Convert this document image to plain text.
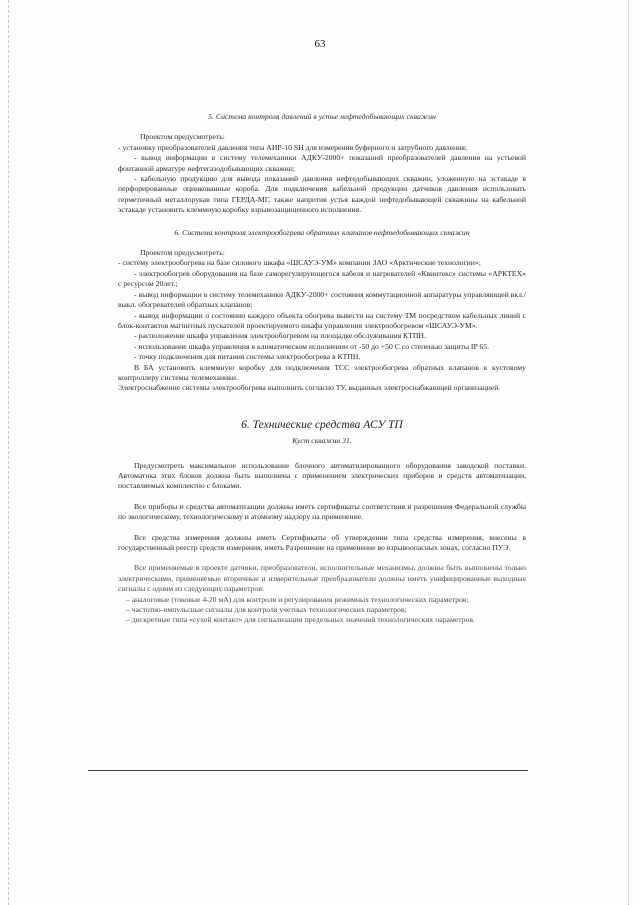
63

5. Система контроля давлений в устье нефтедобывающих скважин

Проектом предусмотреть:

- установку преобразователей давления типа АИР-10 SH для измерения буферного и затрубного давления;

- вывод информации в систему телемеханики АДКУ-2000+ показаний преобразователей давления на устьевой фонтанной арматуре нефтегазодобывающих скважин;

- кабельную продукцию для вывода показаний давления нефтедобывающих скважин, уложенную на эстакаде в перфорированные оцинкованные короба. Для подключения кабельной продукции датчиков давления использовать герметичный металлорукав типа ГЕРДА-МГ, также напротив устья каждой нефтедобывающей скважины на кабельной эстакаде установить клеммную коробку взрывозащищенного исполнения.

6. Система контроля электрообогрева обратных клапанов нефтедобывающих скважин

Проектом предусмотреть:

- систему электрообогрева на базе силового шкафа «ШСАУЭ-УМ» компании ЗАО «Арктические технологии»;

- электрообогрев оборудования на базе саморегулирующегося кабеля и нагревателей «Квинтекс» системы «АРКТЕХ» с ресурсом 20лет.;

- вывод информации в систему телемеханики АДКУ-2000+ состояния коммутационной аппаратуры управляющей вкл./выкл. обогревателей обратных клапанов;

- вывод информации о состоянии каждого объекта обогрева вывести на систему ТМ посредством кабельных линий с блок-контактов магнитных пускателей проектируемого шкафа управления электрообогревом «ШСАУЭ-УМ».

- расположение шкафа управления электрообогревом на площадке обслуживания КТПН.

- использование шкафа управления в климатическом исполнении от -50 до +50 С со степенью защиты IP 65.

- точку подключения для питания системы электрообогрева в КТПН.

В БА установить клеммную коробку для подключения ТСС электрообогрева обратных клапанов к кустовому контроллеру системы телемеханики.

Электроснабжение системы электрообогрева выполнить согласно ТУ, выданных электроснабжающей организацией.

6. Технические средства АСУ ТП
Куст скважин 31.

Предусмотреть максимальное использование блочного автоматизированного оборудования заводской поставки. Автоматика этих блоков должна быть выполнена с применением электрических приборов и средств автоматизации, поставляемых комплектно с блоками.

Все приборы и средства автоматизации должны иметь сертификаты соответствия и разрешения Федеральной службы по экологическому, технологическому и атомному надзору на применение.

Все средства измерения должны иметь Сертификаты об утверждении типа средства измерения, внесены в государственный реестр средств измерения, иметь Разрешение на применение во взрывоопасных зонах, согласно ПУЭ.

Все применяемые в проекте датчики, преобразователи, исполнительные механизмы, должны быть выполнены только электрическими, применяемые вторичные и измерительные преобразователи должны иметь унифицированные выходные сигналы с одним из следующих параметров:

– аналоговые (токовые 4-20 мА) для контроля и регулирования режимных технологических параметров;

– частотно-импульсные сигналы для контроля учетных технологических параметров;

– дискретные типа «сухой контакт» для сигнализации предельных значений технологических параметров.
